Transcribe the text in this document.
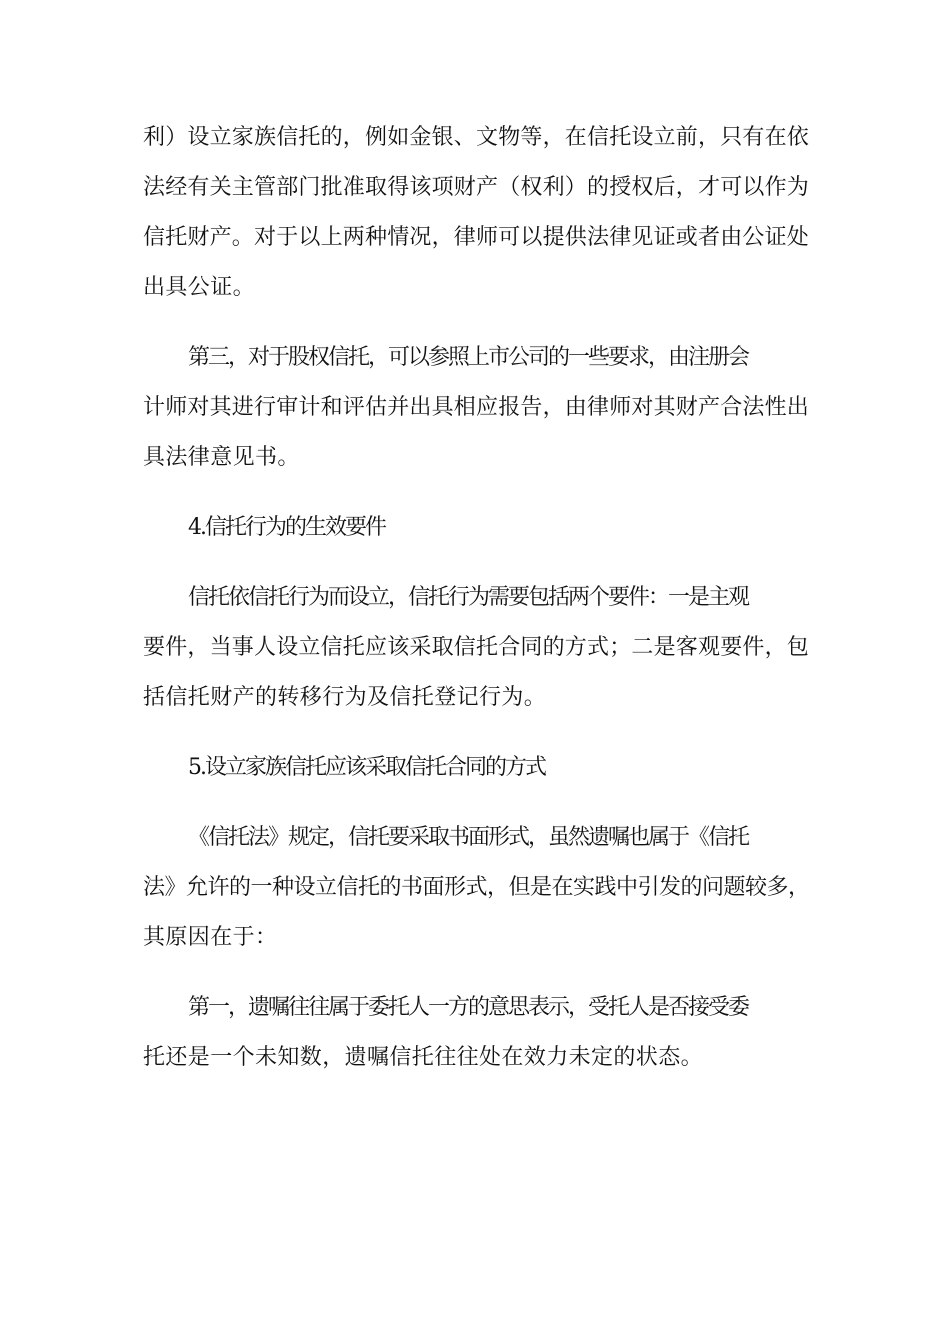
利）设立家族信托的，例如金银、文物等，在信托设立前，只有在依
法经有关主管部门批准取得该项财产（权利）的授权后，才可以作为
信托财产。对于以上两种情况，律师可以提供法律见证或者由公证处
出具公证。
第三，对于股权信托，可以参照上市公司的一些要求，由注册会
计师对其进行审计和评估并出具相应报告，由律师对其财产合法性出
具法律意见书。
4.信托行为的生效要件
信托依信托行为而设立，信托行为需要包括两个要件：一是主观
要件，当事人设立信托应该采取信托合同的方式；二是客观要件，包
括信托财产的转移行为及信托登记行为。
5.设立家族信托应该采取信托合同的方式
《信托法》规定，信托要采取书面形式，虽然遗嘱也属于《信托
法》允许的一种设立信托的书面形式，但是在实践中引发的问题较多，
其原因在于：
第一，遗嘱往往属于委托人一方的意思表示，受托人是否接受委
托还是一个未知数，遗嘱信托往往处在效力未定的状态。
